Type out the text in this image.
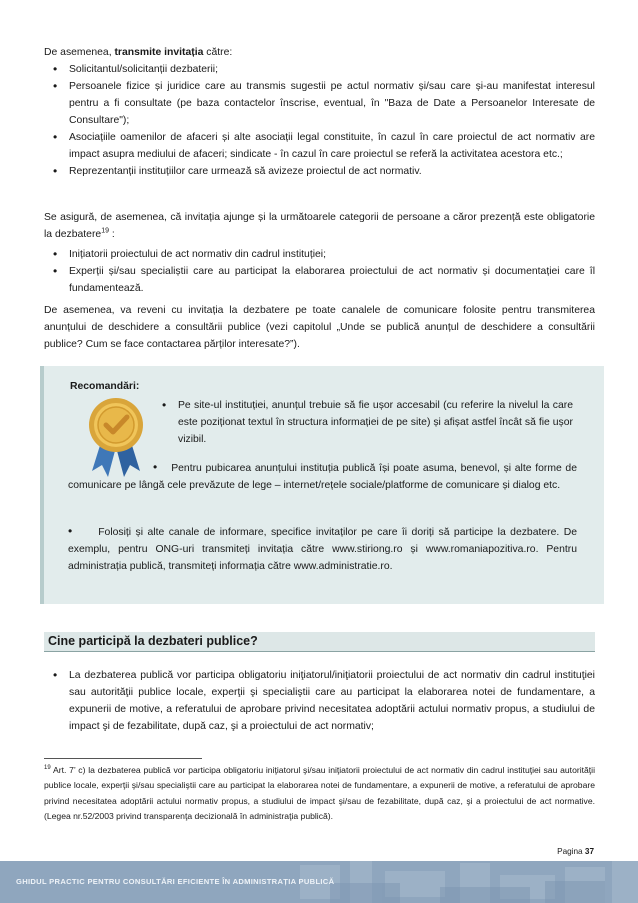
De asemenea, transmite invitația către:
• Solicitantul/solicitanții dezbaterii;
• Persoanele fizice și juridice care au transmis sugestii pe actul normativ și/sau care și-au manifestat interesul pentru a fi consultate (pe baza contactelor înscrise, eventual, în "Baza de Date a Persoanelor Interesate de Consultare");
• Asociațiile oamenilor de afaceri și alte asociații legal constituite, în cazul în care proiectul de act normativ are impact asupra mediului de afaceri; sindicate - în cazul în care proiectul se referă la activitatea acestora etc.;
• Reprezentanții instituțiilor care urmează să avizeze proiectul de act normativ.
Se asigură, de asemenea, că invitația ajunge și la următoarele categorii de persoane a căror prezență este obligatorie la dezbatere$^{19}$ :
• Inițiatorii proiectului de act normativ din cadrul instituției;
• Experții și/sau specialiștii care au participat la elaborarea proiectului de act normativ și documentației care îl fundamentează.
De asemenea, va reveni cu invitația la dezbatere pe toate canalele de comunicare folosite pentru transmiterea anunțului de deschidere a consultării publice (vezi capitolul „Unde se publică anunțul de deschidere a consultării publice? Cum se face contactarea părților interesate?”).
Recomandări:
• Pe site-ul instituției, anunțul trebuie să fie ușor accesabil (cu referire la nivelul la care este poziționat textul în structura informației de pe site) și afișat astfel încât să fie ușor vizibil.
• Pentru pubicarea anunțului instituția publică își poate asuma, benevol, și alte forme de comunicare pe lângă cele prevăzute de lege – internet/rețele sociale/platforme de comunicare și dialog etc.
•	Folosiți și alte canale de informare, specifice invitaților pe care îi doriți să participe la dezbatere. De exemplu, pentru ONG-uri transmiteți invitația către www.stiriong.ro și www.romaniapozitiva.ro. Pentru administrația publică, transmiteți informația către www.administratie.ro.
Cine participă la dezbateri publice?
• La dezbaterea publică vor participa obligatoriu iniţiatorul/iniţiatorii proiectului de act normativ din cadrul instituţiei sau autorităţii publice locale, experţii şi specialiştii care au participat la elaborarea notei de fundamentare, a expunerii de motive, a referatului de aprobare privind necesitatea adoptării actului normativ propus, a studiului de impact şi de fezabilitate, după caz, şi a proiectului de act normativ;
$^{19}$ Art. 7’ c) la dezbaterea publică vor participa obligatoriu iniţiatorul şi/sau iniţiatorii proiectului de act normativ din cadrul instituţiei sau autorităţii publice locale, experţii şi/sau specialiştii care au participat la elaborarea notei de fundamentare, a expunerii de motive, a referatului de aprobare privind necesitatea adoptării actului normativ propus, a studiului de impact şi/sau de fezabilitate, după caz, şi a proiectului de act normative. (Legea nr.52/2003 privind transparenţa decizională în administraţia publică).
Pagina 37
GHIDUL PRACTIC PENTRU CONSULTĂRI EFICIENTE ÎN ADMINISTRAȚIA PUBLICĂ
